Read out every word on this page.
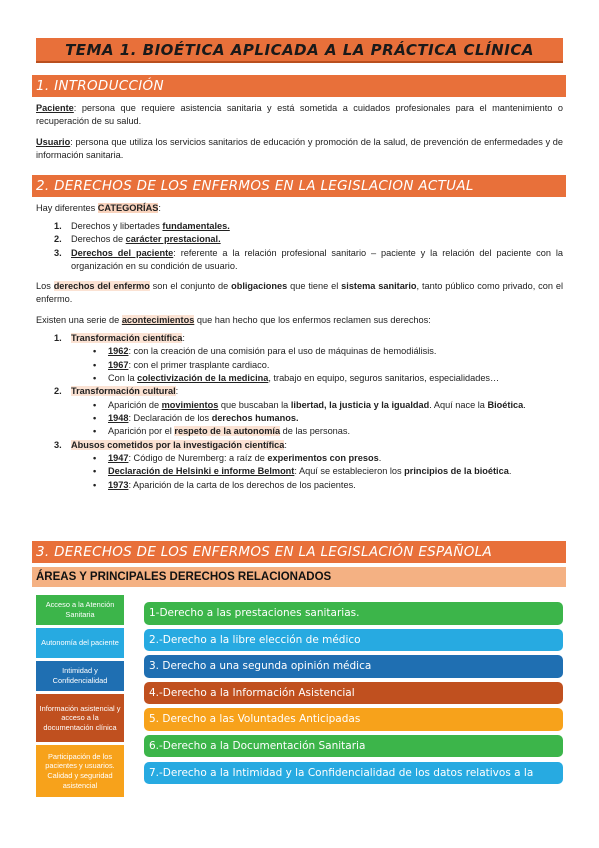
TEMA 1. BIOÉTICA APLICADA A LA PRÁCTICA CLÍNICA
1. INTRODUCCIÓN
Paciente: persona que requiere asistencia sanitaria y está sometida a cuidados profesionales para el mantenimiento o recuperación de su salud.
Usuario: persona que utiliza los servicios sanitarios de educación y promoción de la salud, de prevención de enfermedades y de información sanitaria.
2. DERECHOS DE LOS ENFERMOS EN LA LEGISLACION ACTUAL
Hay diferentes CATEGORÍAS:
1. Derechos y libertades fundamentales.
2. Derechos de carácter prestacional.
3. Derechos del paciente: referente a la relación profesional sanitario – paciente y la relación del paciente con la organización en su condición de usuario.
Los derechos del enfermo son el conjunto de obligaciones que tiene el sistema sanitario, tanto público como privado, con el enfermo.
Existen una serie de acontecimientos que han hecho que los enfermos reclamen sus derechos:
1. Transformación científica:
• 1962: con la creación de una comisión para el uso de máquinas de hemodiálisis.
• 1967: con el primer trasplante cardiaco.
• Con la colectivización de la medicina, trabajo en equipo, seguros sanitarios, especialidades…
2. Transformación cultural:
• Aparición de movimientos que buscaban la libertad, la justicia y la igualdad. Aquí nace la Bioética.
• 1948: Declaración de los derechos humanos.
• Aparición por el respeto de la autonomía de las personas.
3. Abusos cometidos por la investigación científica:
• 1947: Código de Nuremberg: a raíz de experimentos con presos.
• Declaración de Helsinki e informe Belmont: Aquí se establecieron los principios de la bioética.
• 1973: Aparición de la carta de los derechos de los pacientes.
3. DERECHOS DE LOS ENFERMOS EN LA LEGISLACIÓN ESPAÑOLA
ÁREAS Y PRINCIPALES DERECHOS RELACIONADOS
Acceso a la Atención Sanitaria
Autonomía del paciente
Intimidad y Confidencialidad
Información asistencial y acceso a la documentación clínica
Participación de los pacientes y usuarios. Calidad y seguridad asistencial
1-Derecho a las prestaciones sanitarias.
2.-Derecho a la libre elección de médico
3. Derecho a una segunda opinión médica
4.-Derecho a la Información Asistencial
5. Derecho a las Voluntades Anticipadas
6.-Derecho a la Documentación Sanitaria
7.-Derecho a la Intimidad y la Confidencialidad de los datos relativos a la salud
